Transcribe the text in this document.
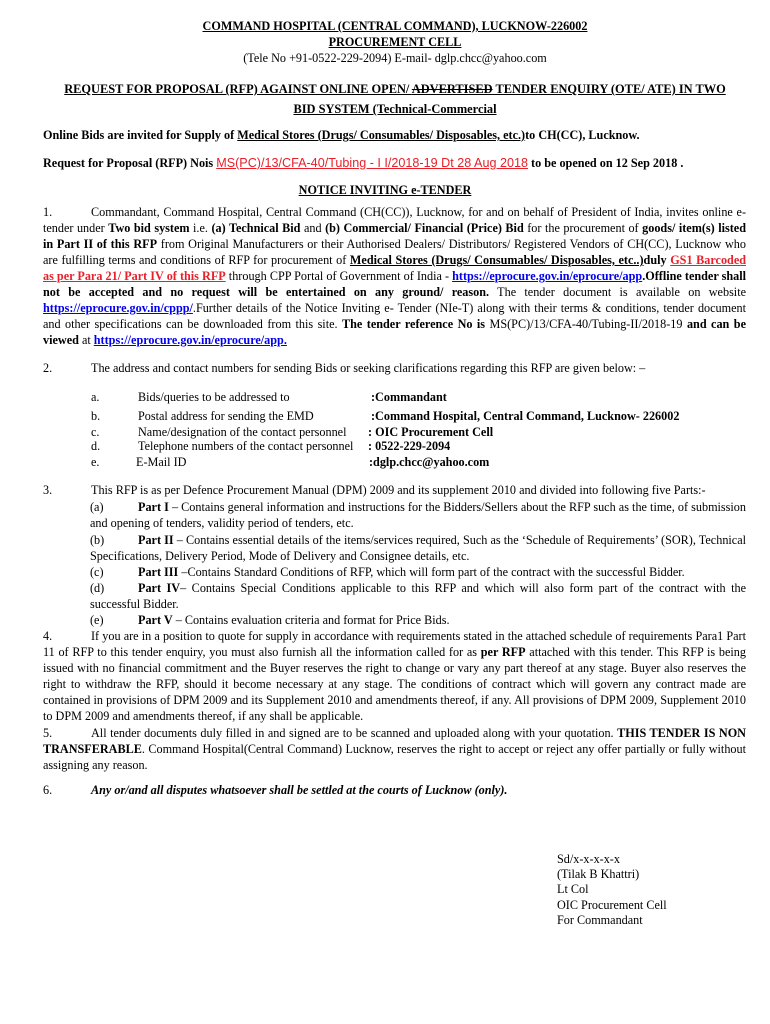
COMMAND HOSPITAL (CENTRAL COMMAND), LUCKNOW-226002
PROCUREMENT CELL
(Tele No +91-0522-229-2094) E-mail- dglp.chcc@yahoo.com
REQUEST FOR PROPOSAL (RFP) AGAINST ONLINE OPEN/ ADVERTISED TENDER ENQUIRY (OTE/ ATE) IN TWO
BID SYSTEM (Technical-Commercial
Online Bids are invited for Supply of Medical Stores (Drugs/ Consumables/ Disposables, etc.)to CH(CC), Lucknow.
Request for Proposal (RFP) Nois MS(PC)/13/CFA-40/Tubing - I I/2018-19 Dt 28 Aug 2018 to be opened on 12 Sep 2018 .
NOTICE INVITING e-TENDER
1.	Commandant, Command Hospital, Central Command (CH(CC)), Lucknow, for and on behalf of President of India, invites online e-tender under Two bid system i.e. (a) Technical Bid and (b) Commercial/ Financial (Price) Bid for the procurement of goods/ item(s) listed in Part II of this RFP from Original Manufacturers or their Authorised Dealers/ Distributors/ Registered Vendors of CH(CC), Lucknow who are fulfilling terms and conditions of RFP for procurement of Medical Stores (Drugs/ Consumables/ Disposables, etc..)duly GS1 Barcoded as per Para 21/ Part IV of this RFP through CPP Portal of Government of India - https://eprocure.gov.in/eprocure/app.Offline tender shall not be accepted and no request will be entertained on any ground/ reason. The tender document is available on website https://eprocure.gov.in/cppp/.Further details of the Notice Inviting e- Tender (NIe-T) along with their terms & conditions, tender document and other specifications can be downloaded from this site. The tender reference No is MS(PC)/13/CFA-40/Tubing-II/2018-19 and can be viewed at https://eprocure.gov.in/eprocure/app.
2.	The address and contact numbers for sending Bids or seeking clarifications regarding this RFP are given below: –
a.	Bids/queries to be addressed to	:Commandant
b.	Postal address for sending the EMD	:Command Hospital, Central Command, Lucknow- 226002
c.	Name/designation of the contact personnel : OIC Procurement Cell
d.	Telephone numbers of the contact personnel : 0522-229-2094
e.	E-Mail ID	:dglp.chcc@yahoo.com
3.	This RFP is as per Defence Procurement Manual (DPM) 2009 and its supplement 2010 and divided into following five Parts:-
(a)	Part I – Contains general information and instructions for the Bidders/Sellers about the RFP such as the time, of submission and opening of tenders, validity period of tenders, etc.
(b)	Part II – Contains essential details of the items/services required, Such as the ‘Schedule of Requirements’ (SOR), Technical Specifications, Delivery Period, Mode of Delivery and Consignee details, etc.
(c)	Part III –Contains Standard Conditions of RFP, which will form part of the contract with the successful Bidder.
(d)	Part IV– Contains Special Conditions applicable to this RFP and which will also form part of the contract with the successful Bidder.
(e)	Part V – Contains evaluation criteria and format for Price Bids.
4.	If you are in a position to quote for supply in accordance with requirements stated in the attached schedule of requirements Para1 Part 11 of RFP to this tender enquiry, you must also furnish all the information called for as per RFP attached with this tender. This RFP is being issued with no financial commitment and the Buyer reserves the right to change or vary any part thereof at any stage. Buyer also reserves the right to withdraw the RFP, should it become necessary at any stage. The conditions of contract which will govern any contract made are contained in provisions of DPM 2009 and its Supplement 2010 and amendments thereof, if any. All provisions of DPM 2009, Supplement 2010 to DPM 2009 and amendments thereof, if any shall be applicable.
5.	All tender documents duly filled in and signed are to be scanned and uploaded along with your quotation. THIS TENDER IS NON TRANSFERABLE. Command Hospital(Central Command) Lucknow, reserves the right to accept or reject any offer partially or fully without assigning any reason.
6.	Any or/and all disputes whatsoever shall be settled at the courts of Lucknow (only).
Sd/x-x-x-x-x
(Tilak B Khattri)
Lt Col
OIC Procurement Cell
For Commandant
